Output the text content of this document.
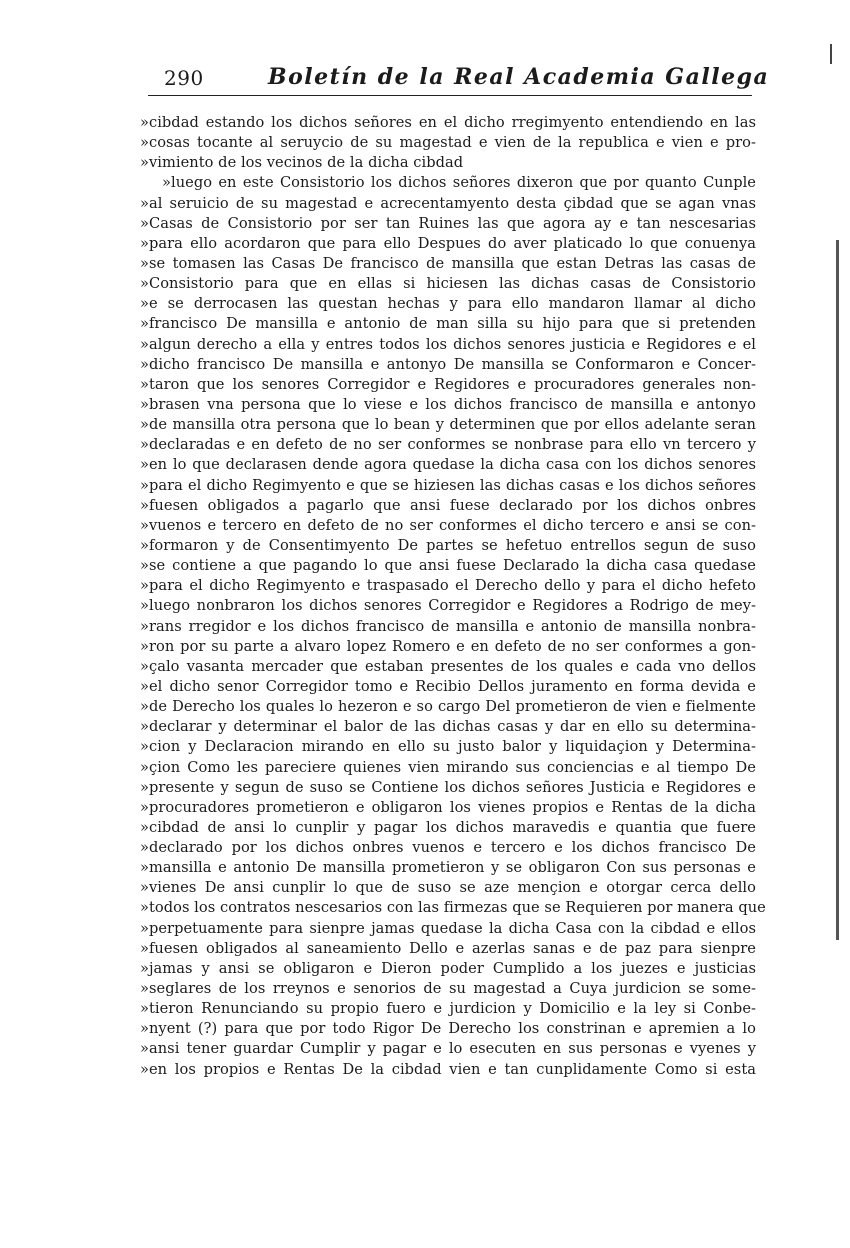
290	Boletín de la Real Academia Gallega
»cibdad estando los dichos señores en el dicho rregimyento entendiendo en las
»cosas tocante al seruycio de su magestad e vien de la republica e vien e pro-
»vimiento de los vecinos de la dicha cibdad
»luego en este Consistorio los dichos señores dixeron que por quanto Cunple
»al seruicio de su magestad e acrecentamyento desta çibdad que se agan vnas
»Casas de Consistorio por ser tan Ruines las que agora ay e tan nescesarias
»para ello acordaron que para ello Despues do aver platicado lo que conuenya
»se tomasen las Casas De francisco de mansilla que estan Detras las casas de
»Consistorio para que en ellas si hiciesen las dichas casas de Consistorio
»e se derrocasen las questan hechas y para ello mandaron llamar al dicho
»francisco De mansilla e antonio de man silla su hijo para que si pretenden
»algun derecho a ella y entres todos los dichos senores justicia e Regidores e el
»dicho francisco De mansilla e antonyo De mansilla se Conformaron e Concer-
»taron que los senores Corregidor e Regidores e procuradores generales non-
»brasen vna persona que lo viese e los dichos francisco de mansilla e antonyo
»de mansilla otra persona que lo bean y determinen que por ellos adelante seran
»declaradas e en defeto de no ser conformes se nonbrase para ello vn tercero y
»en lo que declarasen dende agora quedase la dicha casa con los dichos senores
»para el dicho Regimyento e que se hiziesen las dichas casas e los dichos señores
»fuesen obligados a pagarlo que ansi fuese declarado por los dichos onbres
»vuenos e tercero en defeto de no ser conformes el dicho tercero e ansi se con-
»formaron y de Consentimyento De partes se hefetuo entrellos segun de suso
»se contiene a que pagando lo que ansi fuese Declarado la dicha casa quedase
»para el dicho Regimyento e traspasado el Derecho dello y para el dicho hefeto
»luego nonbraron los dichos senores Corregidor e Regidores a Rodrigo de mey-
»rans rregidor e los dichos francisco de mansilla e antonio de mansilla nonbra-
»ron por su parte a alvaro lopez Romero e en defeto de no ser conformes a gon-
»çalo vasanta mercader que estaban presentes de los quales e cada vno dellos
»el dicho senor Corregidor tomo e Recibio Dellos juramento en forma devida e
»de Derecho los quales lo hezeron e so cargo Del prometieron de vien e fielmente
»declarar y determinar el balor de las dichas casas y dar en ello su determina-
»cion y Declaracion mirando en ello su justo balor y liquidaçion y Determina-
»çion Como les pareciere quienes vien mirando sus conciencias e al tiempo De
»presente y segun de suso se Contiene los dichos señores Justicia e Regidores e
»procuradores prometieron e obligaron los vienes propios e Rentas de la dicha
»cibdad de ansi lo cunplir y pagar los dichos maravedis e quantia que fuere
»declarado por los dichos onbres vuenos e tercero e los dichos francisco De
»mansilla e antonio De mansilla prometieron y se obligaron Con sus personas e
»vienes De ansi cunplir lo que de suso se aze mençion e otorgar cerca dello
»todos los contratos nescesarios con las firmezas que se Requieren por manera que
»perpetuamente para sienpre jamas quedase la dicha Casa con la cibdad e ellos
»fuesen obligados al saneamiento Dello e azerlas sanas e de paz para sienpre
»jamas y ansi se obligaron e Dieron poder Cumplido a los juezes e justicias
»seglares de los rreynos e senorios de su magestad a Cuya jurdicion se some-
»tieron Renunciando su propio fuero e jurdicion y Domicilio e la ley si Conbe-
»nyent (?) para que por todo Rigor De Derecho los constrinan e apremien a lo
»ansi tener guardar Cumplir y pagar e lo esecuten en sus personas e vyenes y
»en los propios e Rentas De la cibdad vien e tan cunplidamente Como si esta
